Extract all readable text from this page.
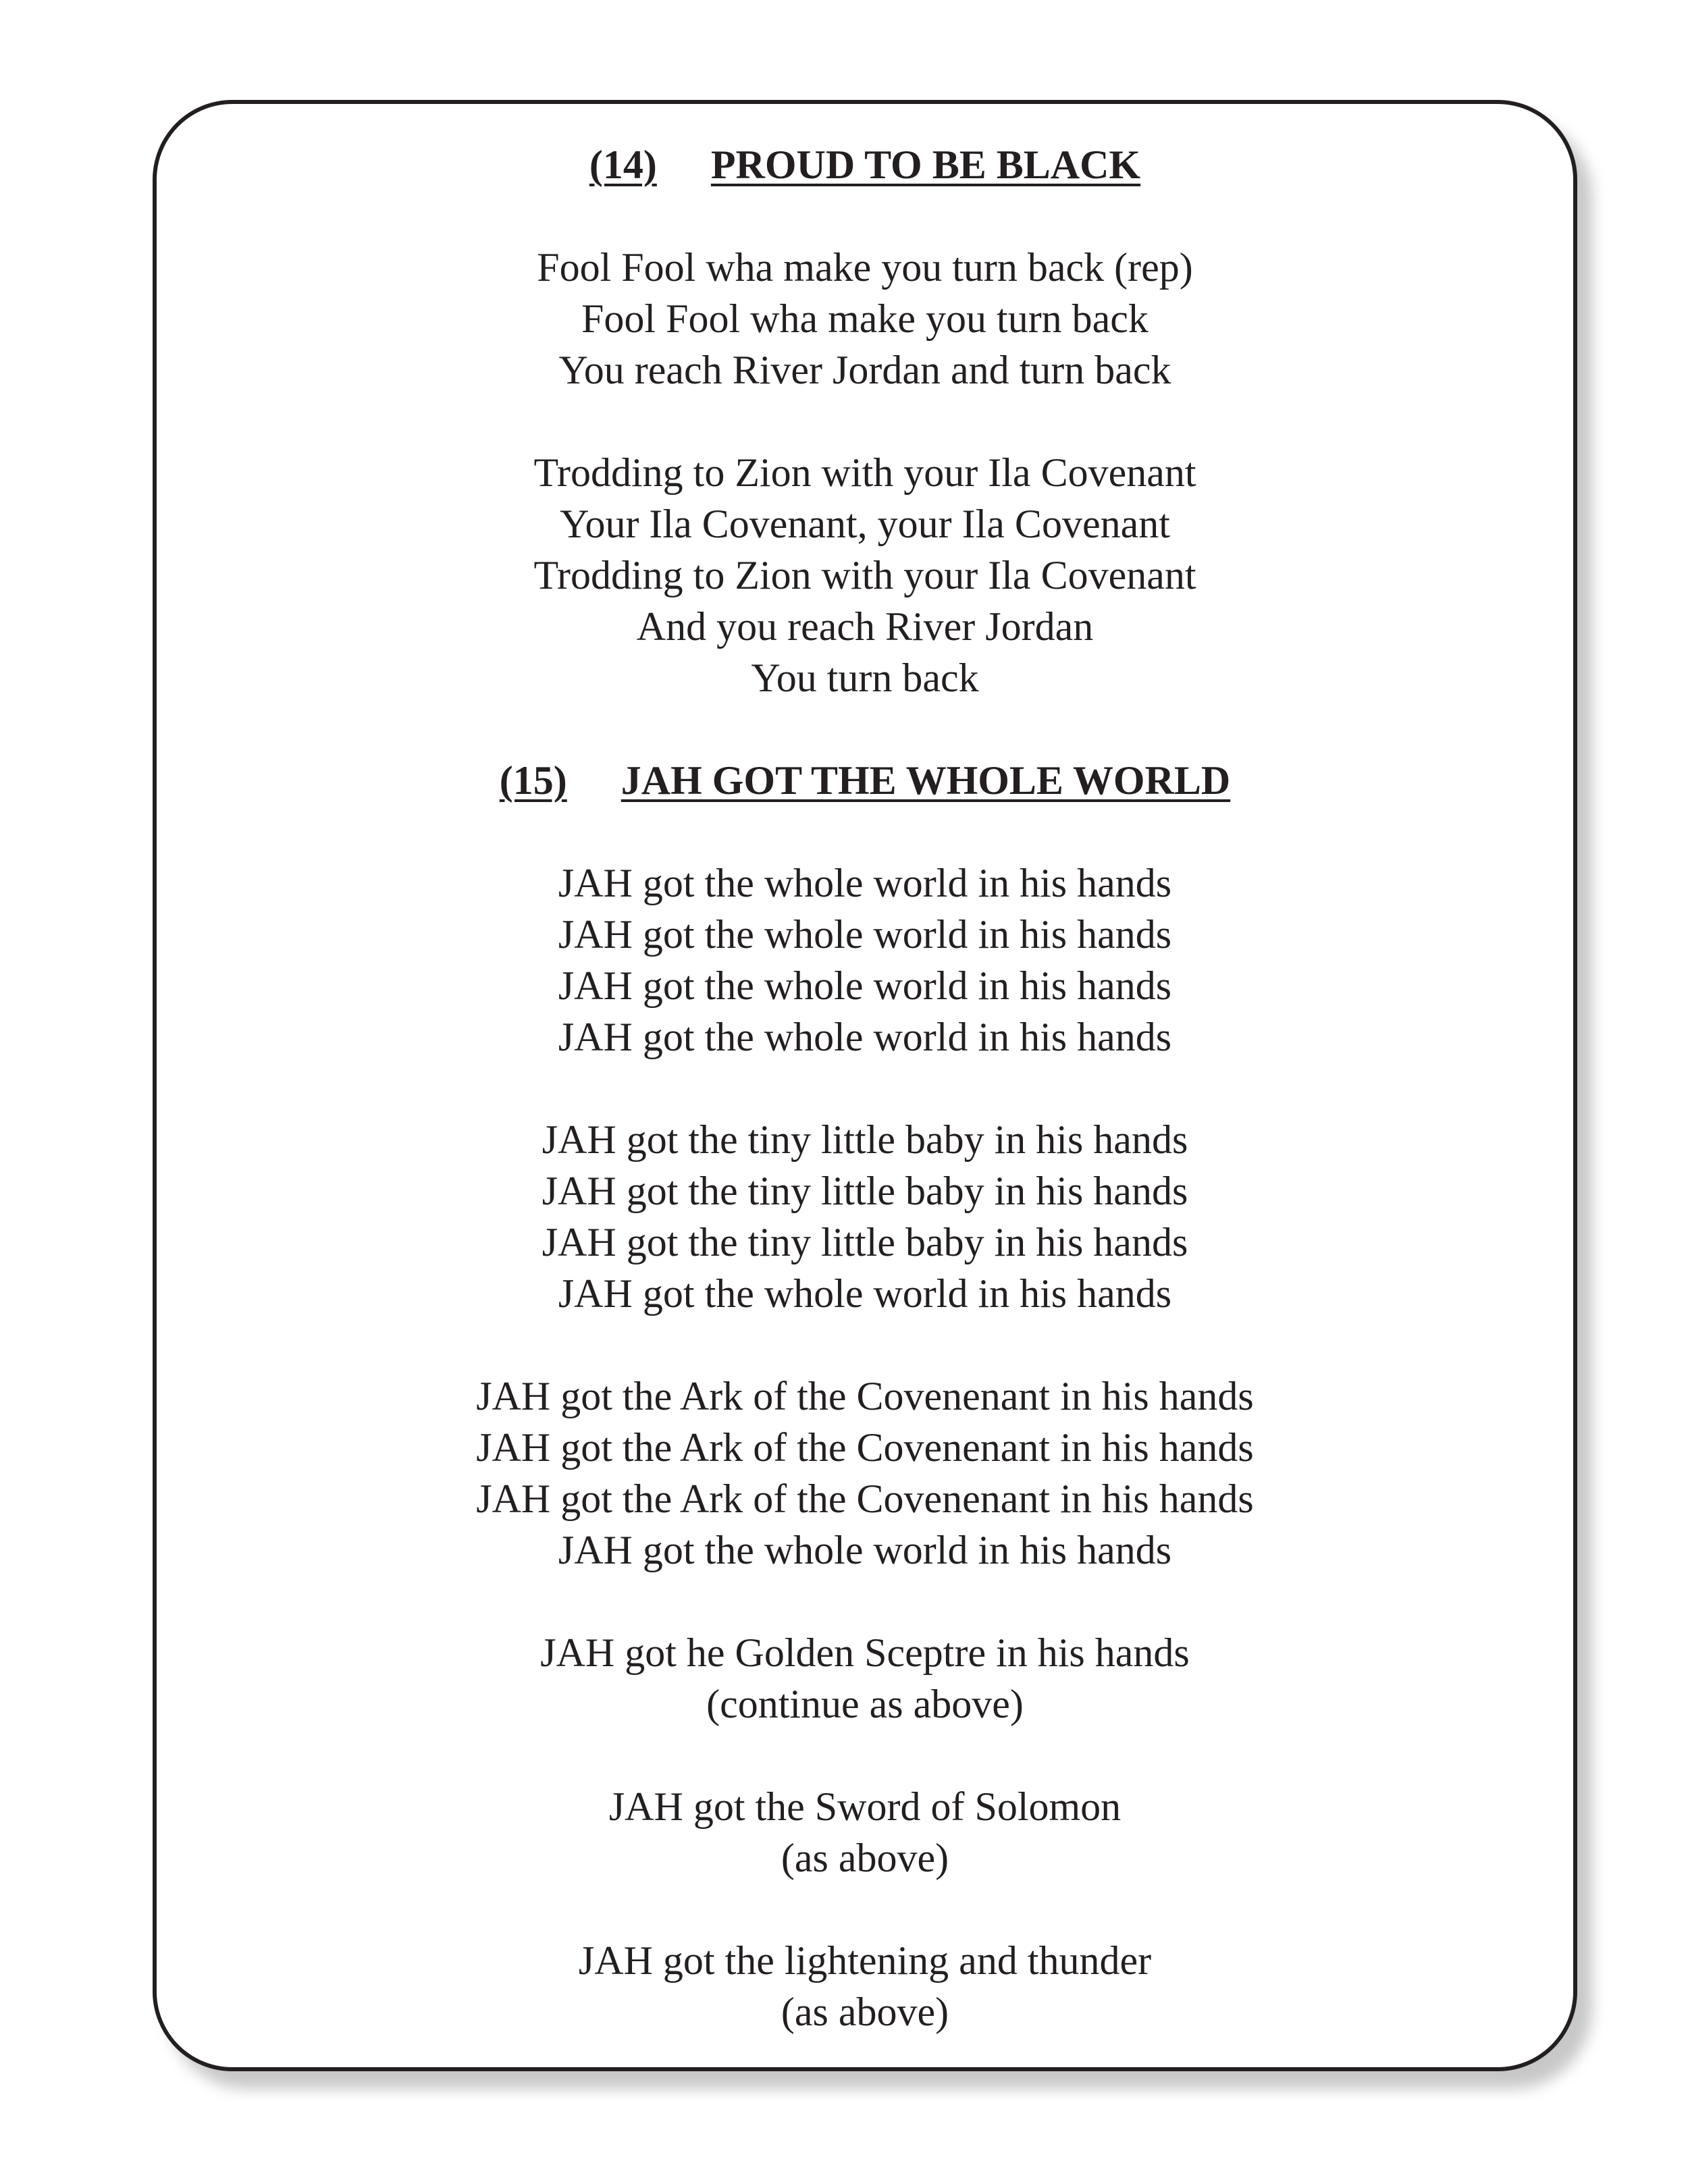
(14) PROUD TO BE BLACK
Fool Fool wha make you turn back (rep)
Fool Fool wha make you turn back
You reach River Jordan and turn back
Trodding to Zion with your Ila Covenant
Your Ila Covenant, your Ila Covenant
Trodding to Zion with your Ila Covenant
And you reach River Jordan
You turn back
(15) JAH GOT THE WHOLE WORLD
JAH got the whole world in his hands
JAH got the whole world in his hands
JAH got the whole world in his hands
JAH got the whole world in his hands
JAH got the tiny little baby in his hands
JAH got the tiny little baby in his hands
JAH got the tiny little baby in his hands
JAH got the whole world in his hands
JAH got the Ark of the Covenenant in his hands
JAH got the Ark of the Covenenant in his hands
JAH got the Ark of the Covenenant in his hands
JAH got the whole world in his hands
JAH got he Golden Sceptre in his hands
(continue as above)
JAH got the Sword of Solomon
(as above)
JAH got the lightening and thunder
(as above)
